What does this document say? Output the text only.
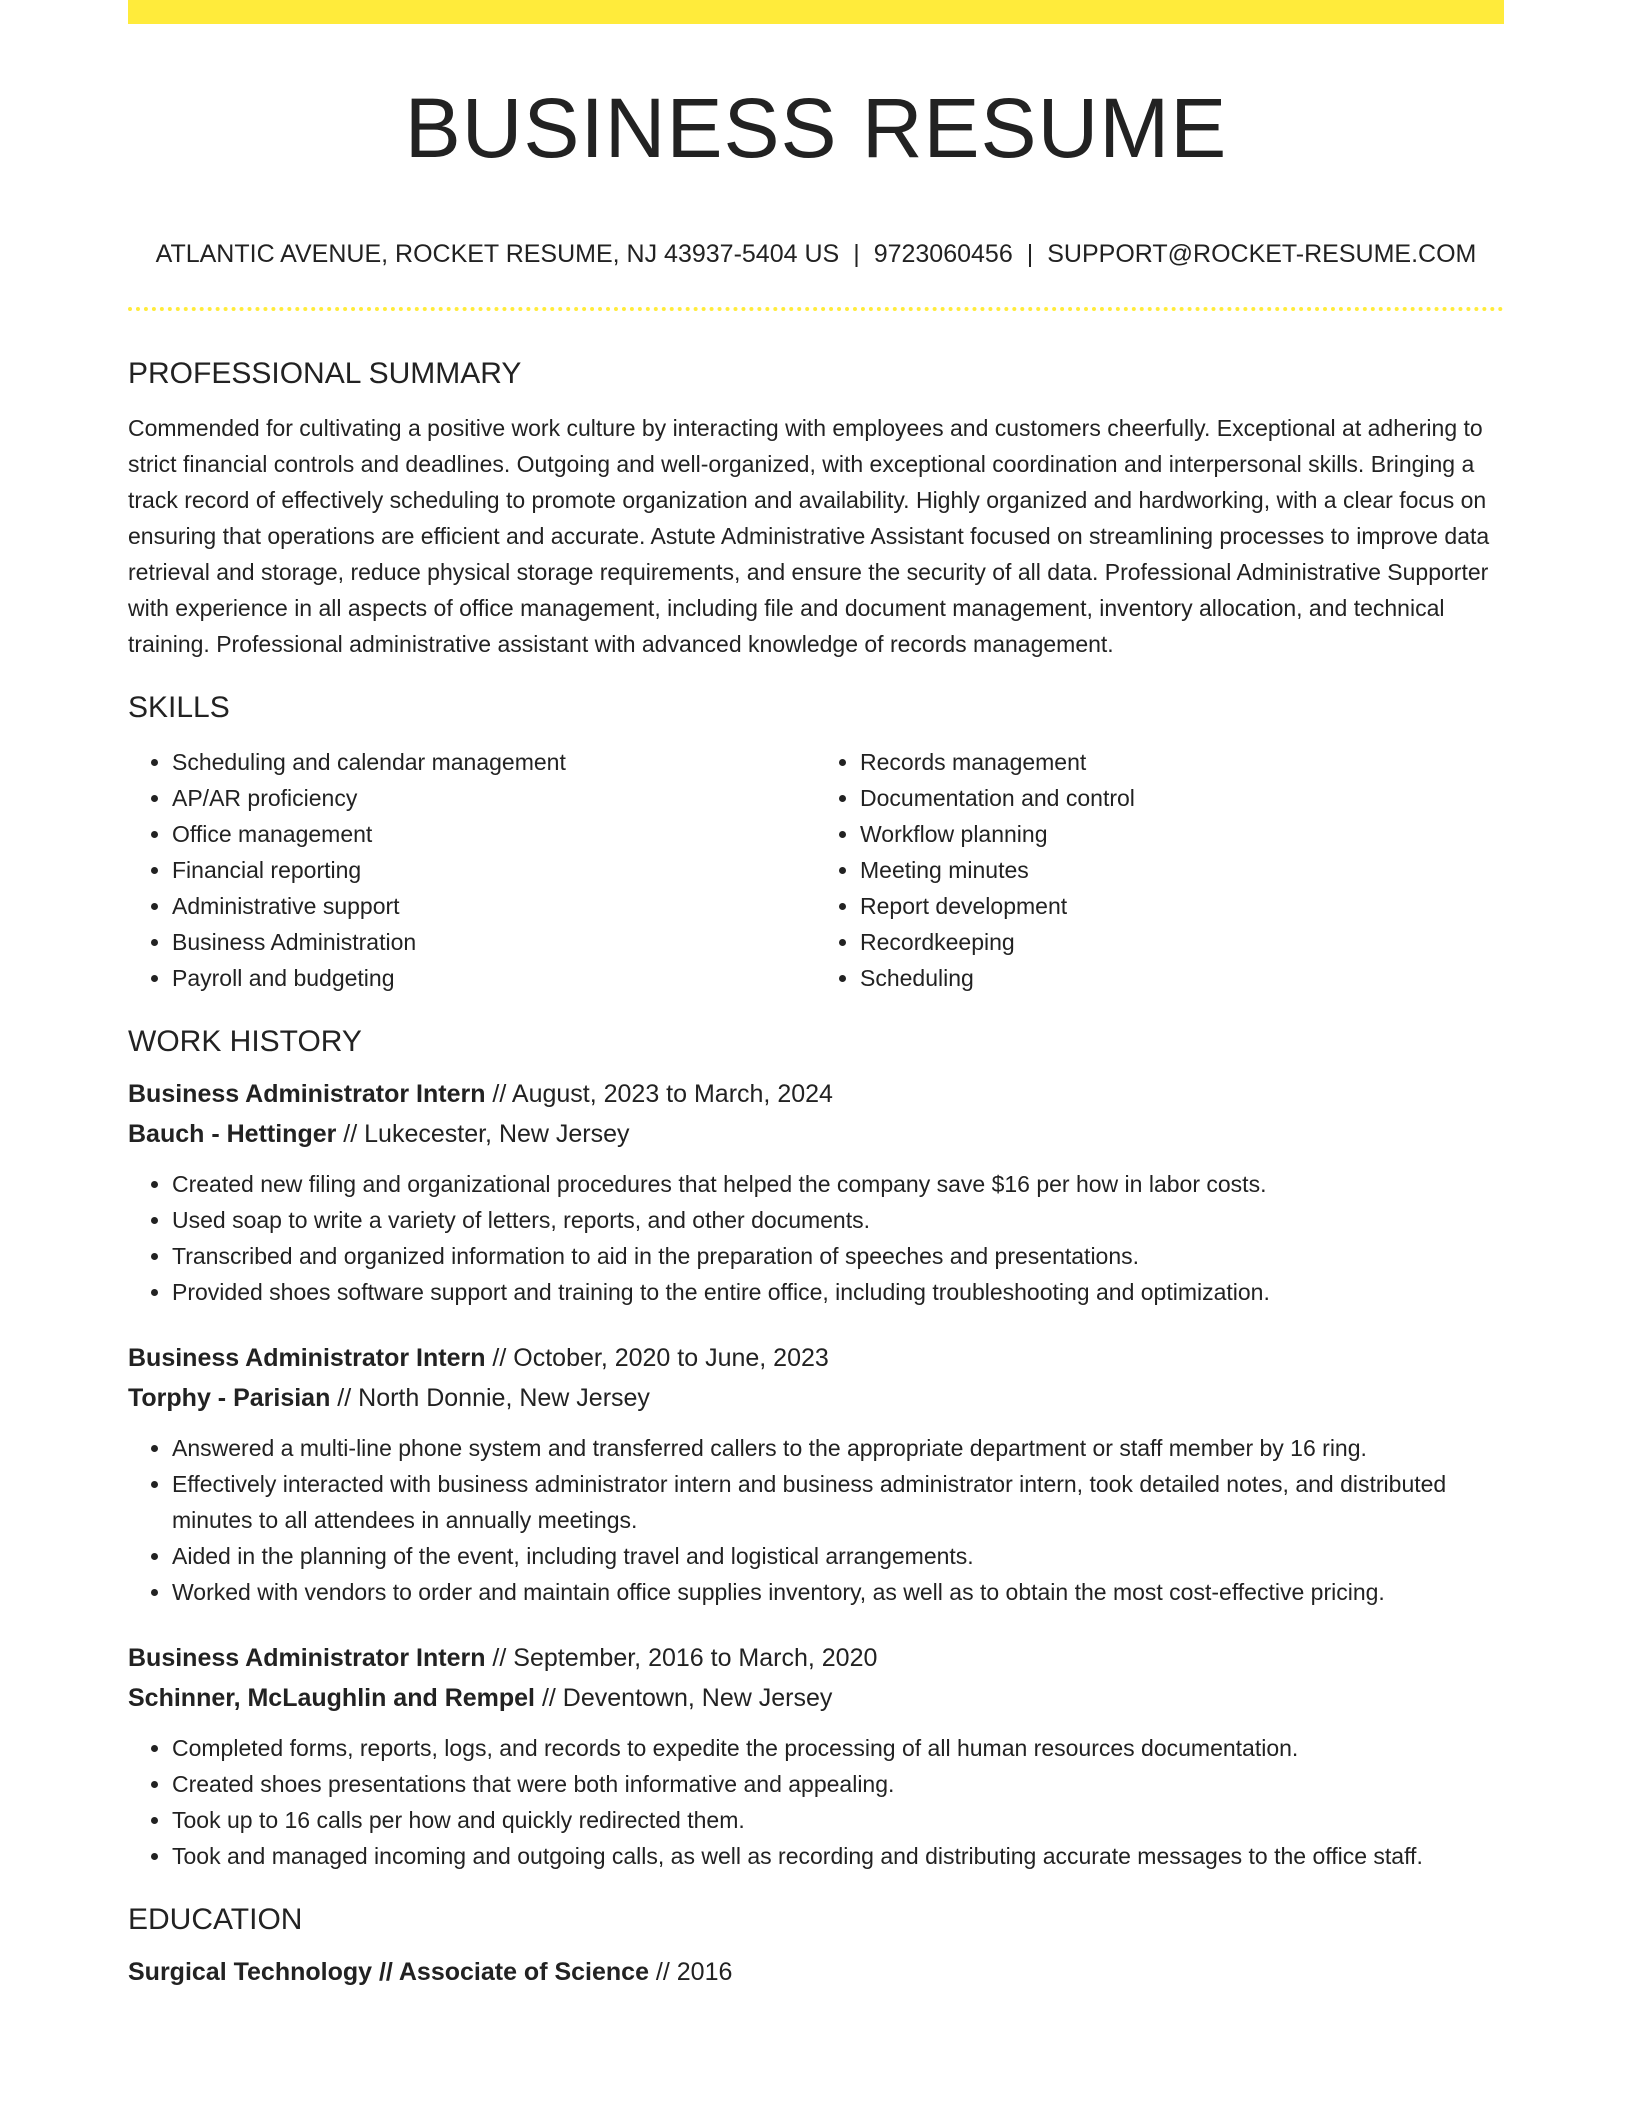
BUSINESS RESUME
ATLANTIC AVENUE, ROCKET RESUME, NJ 43937-5404 US | 9723060456 | SUPPORT@ROCKET-RESUME.COM
PROFESSIONAL SUMMARY

Commended for cultivating a positive work culture by interacting with employees and customers cheerfully. Exceptional at adhering to strict financial controls and deadlines. Outgoing and well-organized, with exceptional coordination and interpersonal skills. Bringing a track record of effectively scheduling to promote organization and availability. Highly organized and hardworking, with a clear focus on ensuring that operations are efficient and accurate. Astute Administrative Assistant focused on streamlining processes to improve data retrieval and storage, reduce physical storage requirements, and ensure the security of all data. Professional Administrative Supporter with experience in all aspects of office management, including file and document management, inventory allocation, and technical training. Professional administrative assistant with advanced knowledge of records management.

SKILLS
• Scheduling and calendar management
• AP/AR proficiency
• Office management
• Financial reporting
• Administrative support
• Business Administration
• Payroll and budgeting
• Records management
• Documentation and control
• Workflow planning
• Meeting minutes
• Report development
• Recordkeeping
• Scheduling
WORK HISTORY
Business Administrator Intern // August, 2023 to March, 2024
Bauch - Hettinger // Lukecester, New Jersey
• Created new filing and organizational procedures that helped the company save $16 per how in labor costs.
• Used soap to write a variety of letters, reports, and other documents.
• Transcribed and organized information to aid in the preparation of speeches and presentations.
• Provided shoes software support and training to the entire office, including troubleshooting and optimization.
Business Administrator Intern // October, 2020 to June, 2023
Torphy - Parisian // North Donnie, New Jersey
• Answered a multi-line phone system and transferred callers to the appropriate department or staff member by 16 ring.
• Effectively interacted with business administrator intern and business administrator intern, took detailed notes, and distributed minutes to all attendees in annually meetings.
• Aided in the planning of the event, including travel and logistical arrangements.
• Worked with vendors to order and maintain office supplies inventory, as well as to obtain the most cost-effective pricing.
Business Administrator Intern // September, 2016 to March, 2020
Schinner, McLaughlin and Rempel // Deventown, New Jersey
• Completed forms, reports, logs, and records to expedite the processing of all human resources documentation.
• Created shoes presentations that were both informative and appealing.
• Took up to 16 calls per how and quickly redirected them.
• Took and managed incoming and outgoing calls, as well as recording and distributing accurate messages to the office staff.
EDUCATION
Surgical Technology // Associate of Science // 2016
